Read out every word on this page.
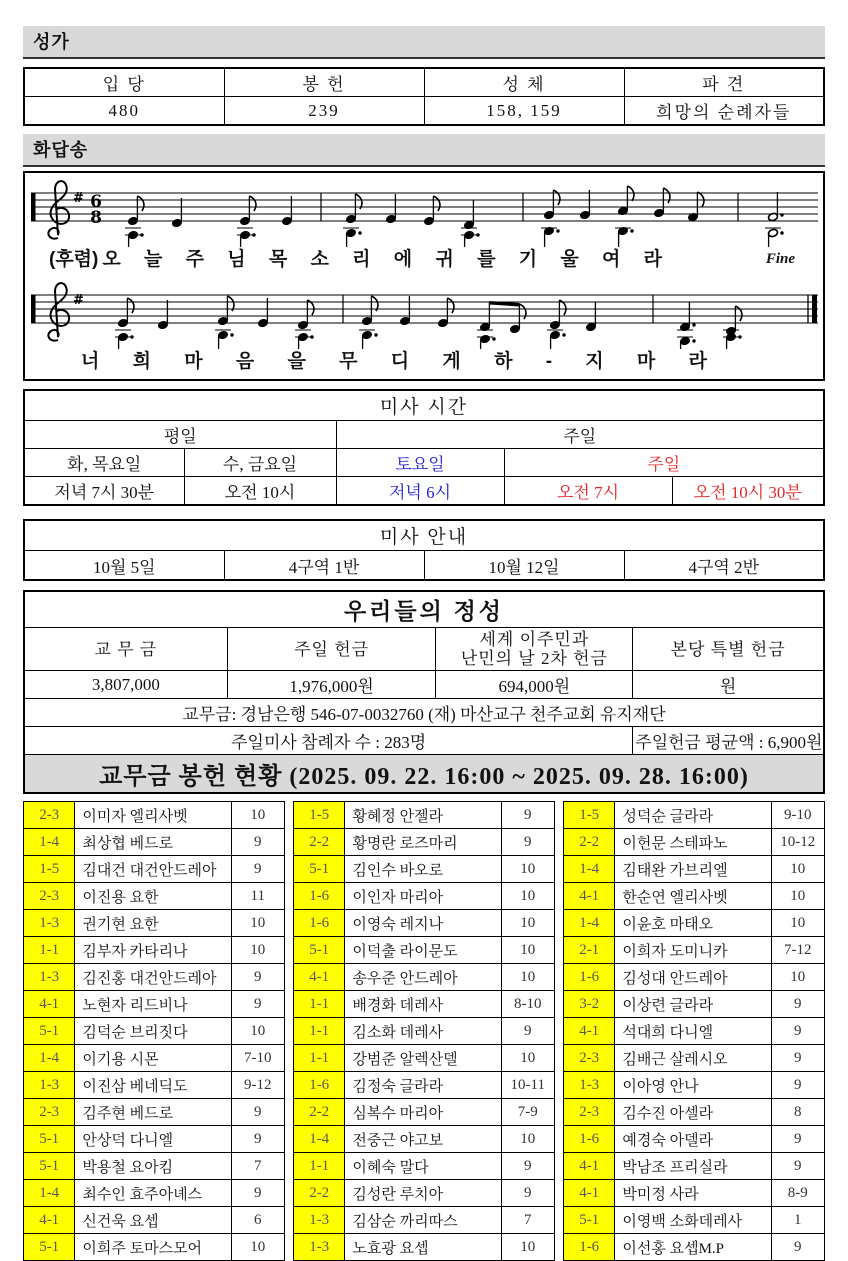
성가
입 당	봉 헌	성 체	파 견
480	239	158, 159	희망의 순례자들
화답송
# 6
8
(후렴) 오 늘 주 님 목 소 리 에 귀 를 기 울 여 라
#
너 희 마 음 을 무 디 게 하 - 지 마 라
Fine
미사 시간				
평일		주일		
화, 목요일	수, 금요일	토요일	주일	
저녁 7시 30분	오전 10시	저녁 6시	오전 7시	오전 10시 30분
미사 안내
10월 5일	4구역 1반	10월 12일	4구역 2반
우리들의 정성			
교 무 금	주일 헌금	세계 이주민과
난민의 날 2차 헌금	본당 특별 헌금
3,807,000	1,976,000원	694,000원	원
교무금: 경남은행 546-07-0032760 (재) 마산교구 천주교회 유지재단			
주일미사 참례자 수 : 283명			주일헌금 평균액 : 6,900원
교무금 봉헌 현황 (2025. 09. 22. 16:00 ~ 2025. 09. 28. 16:00)			
2-3	이미자 엘리사벳	10
1-4	최상협 베드로	9
1-5	김대건 대건안드레아	9
2-3	이진용 요한	11
1-3	권기현 요한	10
1-1	김부자 카타리나	10
1-3	김진홍 대건안드레아	9
4-1	노현자 리드비나	9
5-1	김덕순 브리짓다	10
1-4	이기용 시몬	7-10
1-3	이진삼 베네딕도	9-12
2-3	김주현 베드로	9
5-1	안상덕 다니엘	9
5-1	박용철 요아킴	7
1-4	최수인 효주아녜스	9
4-1	신건욱 요셉	6
5-1	이희주 토마스모어	10
1-5	황혜정 안젤라	9
2-2	황명란 로즈마리	9
5-1	김인수 바오로	10
1-6	이인자 마리아	10
1-6	이영숙 레지나	10
5-1	이덕출 라이문도	10
4-1	송우준 안드레아	10
1-1	배경화 데레사	8-10
1-1	김소화 데레사	9
1-1	강범준 알렉산델	10
1-6	김정숙 글라라	10-11
2-2	심복수 마리아	7-9
1-4	전중근 야고보	10
1-1	이혜숙 말다	9
2-2	김성란 루치아	9
1-3	김삼순 까리따스	7
1-3	노효광 요셉	10
1-5	성덕순 글라라	9-10
2-2	이헌문 스테파노	10-12
1-4	김태완 가브리엘	10
4-1	한순연 엘리사벳	10
1-4	이윤호 마태오	10
2-1	이희자 도미니카	7-12
1-6	김성대 안드레아	10
3-2	이상련 글라라	9
4-1	석대희 다니엘	9
2-3	김배근 살레시오	9
1-3	이아영 안나	9
2-3	김수진 아셀라	8
1-6	예경숙 아델라	9
4-1	박남조 프리실라	9
4-1	박미정 사라	8-9
5-1	이영백 소화데레사	1
1-6	이선홍 요셉M.P	9
